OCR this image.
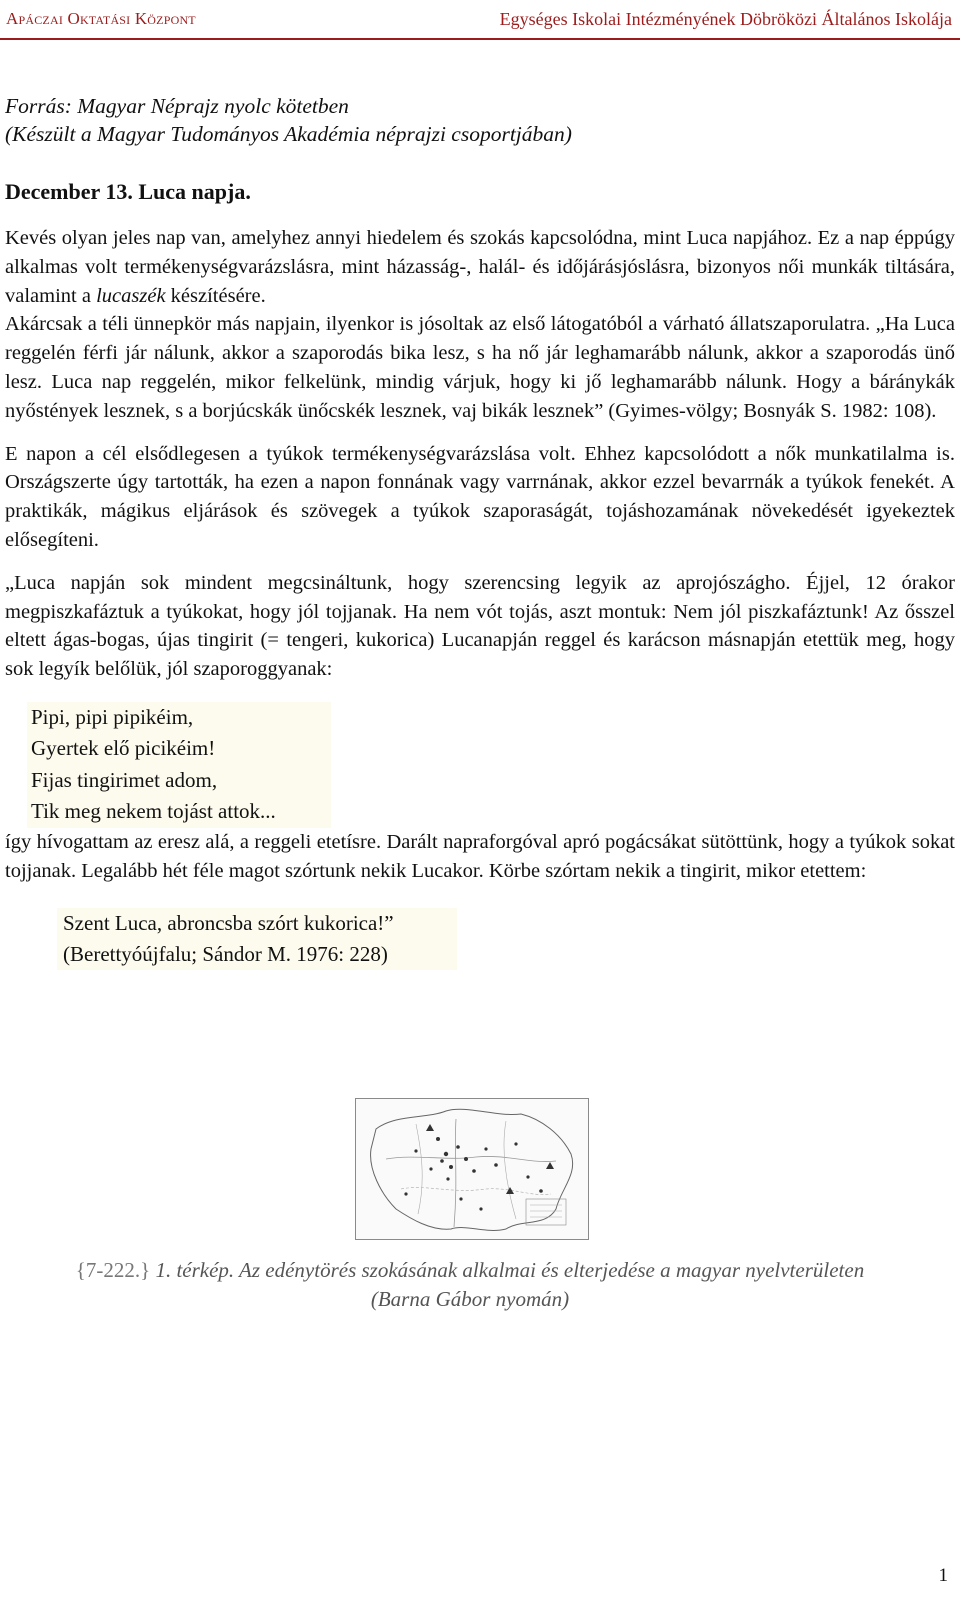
Apáczai Oktatási Központ	Egységes Iskolai Intézményének Döbröközi Általános Iskolája

Forrás: Magyar Néprajz nyolc kötetben

(Készült a Magyar Tudományos Akadémia néprajzi csoportjában)

December 13. Luca napja.

Kevés olyan jeles nap van, amelyhez annyi hiedelem és szokás kapcsolódna, mint Luca napjához. Ez a nap éppúgy alkalmas volt termékenységvarázslásra, mint házasság-, halál- és időjárásjóslásra, bizonyos női munkák tiltására, valamint a lucaszék készítésére.

Akárcsak a téli ünnepkör más napjain, ilyenkor is jósoltak az első látogatóból a várható állatszaporulatra. „Ha Luca reggelén férfi jár nálunk, akkor a szaporodás bika lesz, s ha nő jár leghamarább nálunk, akkor a szaporodás ünő lesz. Luca nap reggelén, mikor felkelünk, mindig várjuk, hogy ki jő leghamarább nálunk. Hogy a báránykák nyőstények lesznek, s a borjúcskák ünőcskék lesznek, vaj bikák lesznek” (Gyimes-völgy; Bosnyák S. 1982: 108).

E napon a cél elsődlegesen a tyúkok termékenységvarázslása volt. Ehhez kapcsolódott a nők munkatilalma is. Országszerte úgy tartották, ha ezen a napon fonnának vagy varrnának, akkor ezzel bevarrnák a tyúkok fenekét. A praktikák, mágikus eljárások és szövegek a tyúkok szaporaságát, tojáshozamának növekedését igyekeztek elősegíteni.

„Luca napján sok mindent megcsináltunk, hogy szerencsing legyik az aprojószágho. Éjjel, 12 órakor megpiszkafáztuk a tyúkokat, hogy jól tojjanak. Ha nem vót tojás, aszt montuk: Nem jól piszkafáztunk! Az ősszel eltett ágas-bogas, újas tingirit (= tengeri, kukorica) Lucanapján reggel és karácson másnapján etettük meg, hogy sok legyík belőlük, jól szaporoggyanak:

Pipi, pipi pipikéim,
Gyertek elő picikéim!
Fijas tingirimet adom,
Tik meg nekem tojást attok...

így hívogattam az eresz alá, a reggeli etetísre. Darált napraforgóval apró pogácsákat sütöttünk, hogy a tyúkok sokat tojjanak. Legalább hét féle magot szórtunk nekik Lucakor. Körbe szórtam nekik a tingirit, mikor etettem:

Szent Luca, abroncsba szórt kukorica!”
(Berettyóújfalu; Sándor M. 1976: 228)
{7-222.} 1. térkép. Az edénytörés szokásának alkalmai és elterjedése a magyar nyelvterületen
(Barna Gábor nyomán)
1
